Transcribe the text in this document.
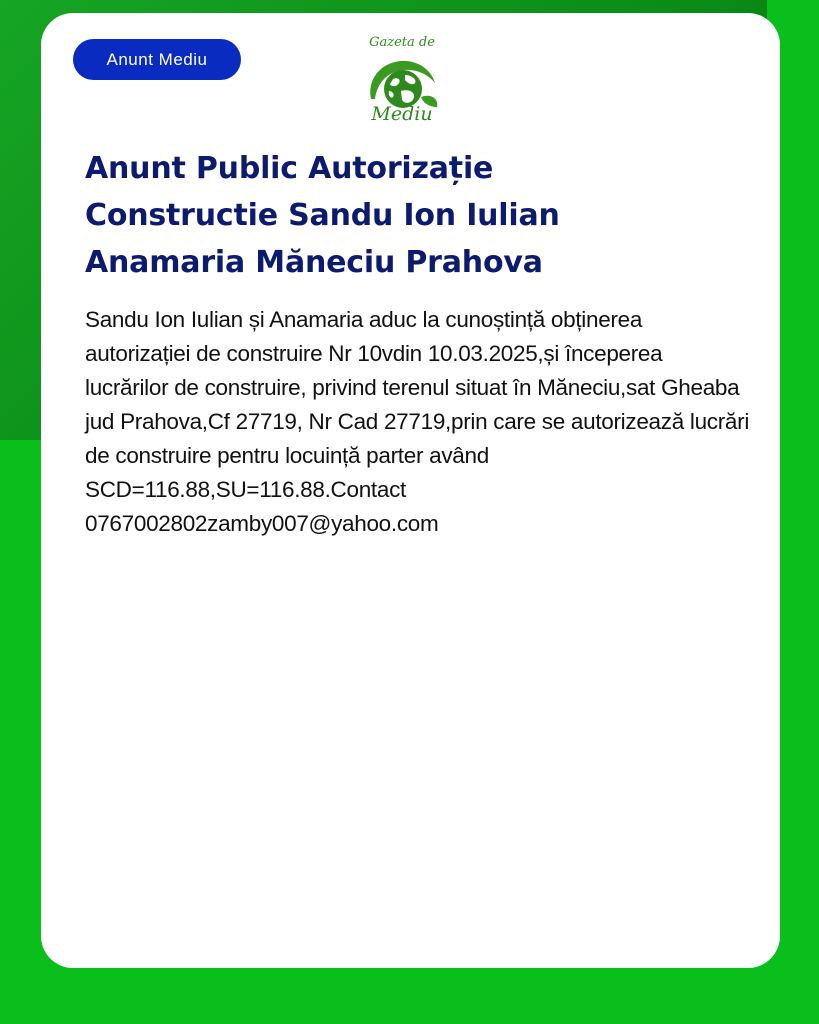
Anunt Mediu
Gazeta de
Mediu
Anunt Public Autorizație Constructie Sandu Ion Iulian Anamaria Măneciu Prahova

Sandu Ion Iulian și Anamaria aduc la cunoștință obținerea autorizației de construire Nr 10vdin 10.03.2025,și începerea lucrărilor de construire, privind terenul situat în Măneciu,sat Gheaba jud Prahova,Cf 27719, Nr Cad 27719,prin care se autorizează lucrări de construire pentru locuință parter având SCD=116.88,SU=116.88.Contact 0767002802zamby007@yahoo.com
